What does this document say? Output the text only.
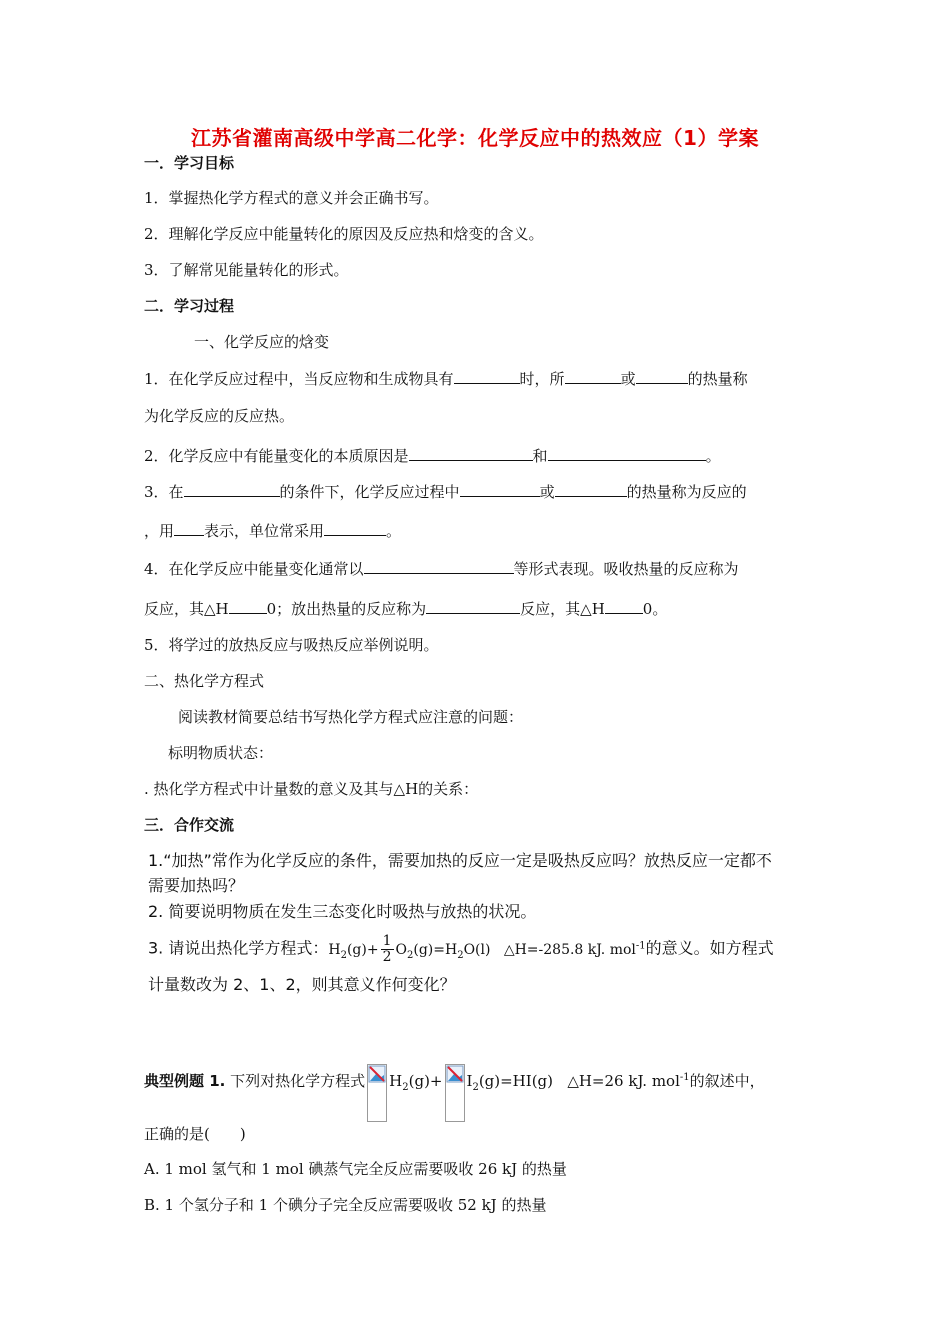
江苏省灌南高级中学高二化学：化学反应中的热效应（1）学案
一．学习目标
1．掌握热化学方程式的意义并会正确书写。
2．理解化学反应中能量转化的原因及反应热和焓变的含义。
3．了解常见能量转化的形式。
二．学习过程
一、化学反应的焓变
1．在化学反应过程中，当反应物和生成物具有	时，所	或	的热量称
为化学反应的反应热。
2．化学反应中有能量变化的本质原因是	和	。
3．在	的条件下，化学反应过程中	或	的热量称为反应的
，用 表示，单位常采用	。
4．在化学反应中能量变化通常以	等形式表现。吸收热量的反应称为
反应，其△H	0；放出热量的反应称为	反应，其△H	0。
5．将学过的放热反应与吸热反应举例说明。
二、热化学方程式
阅读教材简要总结书写热化学方程式应注意的问题：
标明物质状态：
. 热化学方程式中计量数的意义及其与△H的关系：
三．合作交流
1.“加热”常作为化学反应的条件，需要加热的反应一定是吸热反应吗？放热反应一定都不
需要加热吗？
2. 简要说明物质在发生三态变化时吸热与放热的状况。
3. 请说出热化学方程式：$H_2(g)+ \frac{1}{2} O_2(g)=H_2O(l)$ △H=-285.8 kJ. mol$^{-1}$的意义。如方程式
计量数改为 2、1、2，则其意义作何变化？
典型例题 1. 下列对热化学方程式 $H_2(g)+ I_2(g)=HI(g)$ △H=26 kJ. mol$^{-1}$的叙述中，
正确的是(　　)
A. 1 mol 氢气和 1 mol 碘蒸气完全反应需要吸收 26 kJ 的热量
B. 1 个氢分子和 1 个碘分子完全反应需要吸收 52 kJ 的热量
